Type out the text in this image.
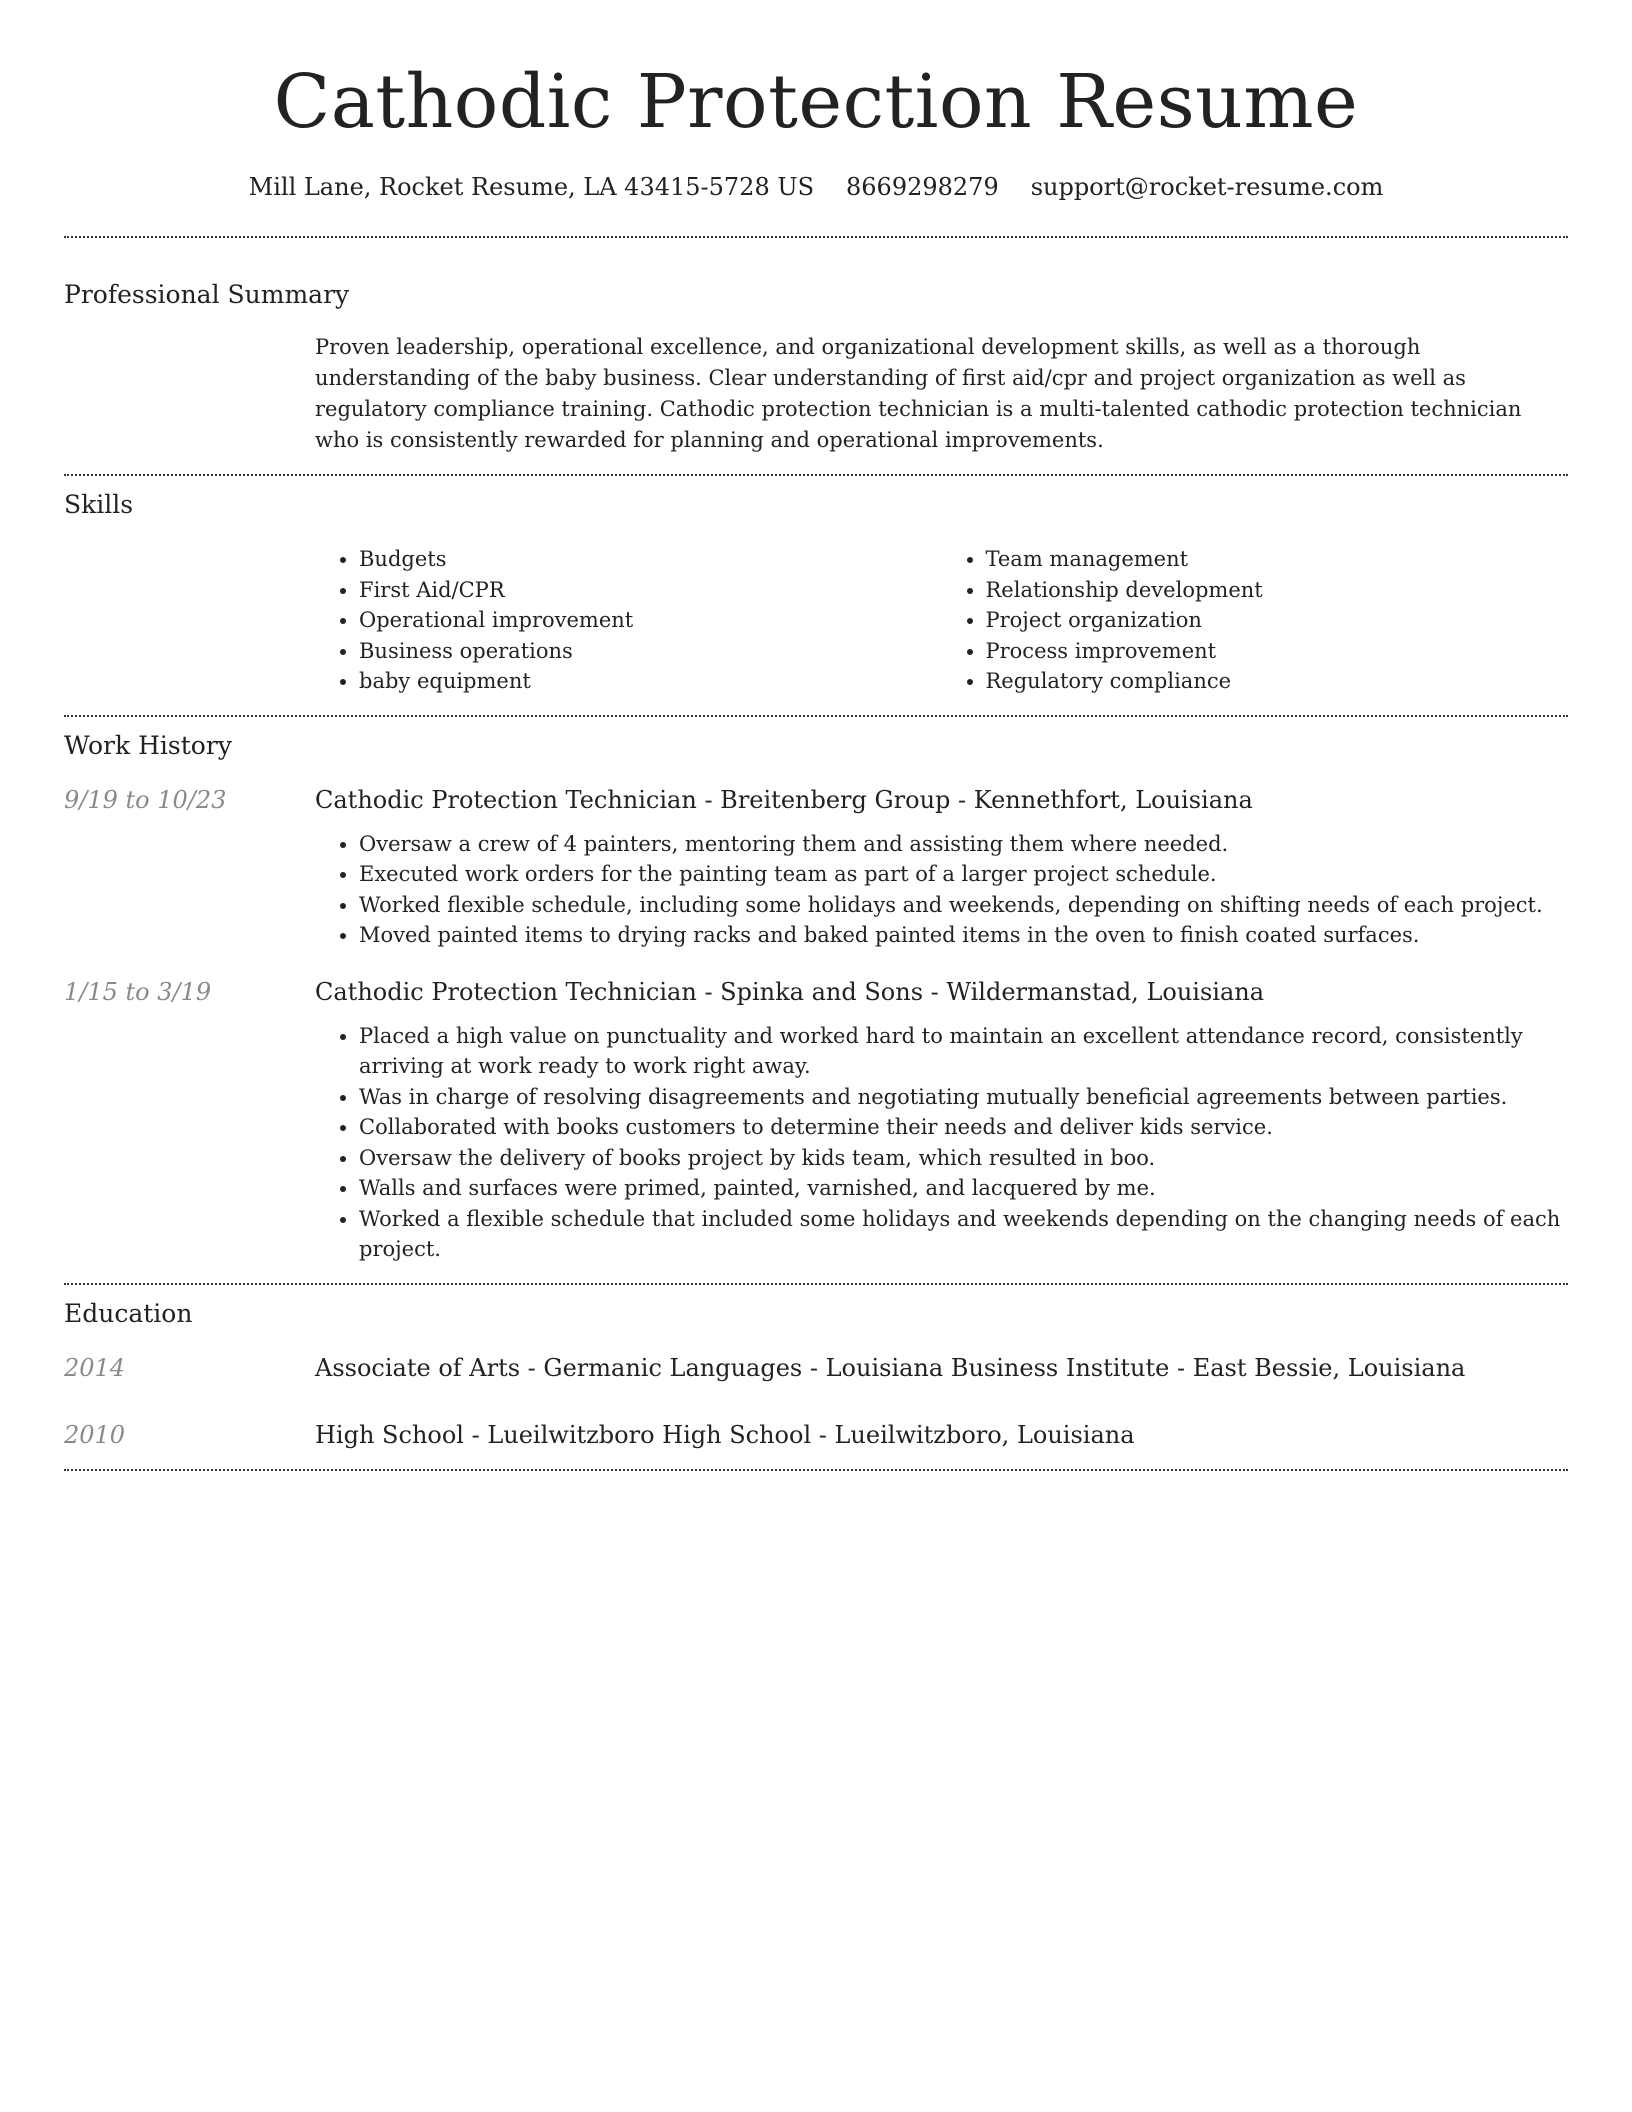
Cathodic Protection Resume
Mill Lane, Rocket Resume, LA 43415-5728 US 8669298279 support@rocket-resume.com
Professional Summary

Proven leadership, operational excellence, and organizational development skills, as well as a thorough understanding of the baby business. Clear understanding of first aid/cpr and project organization as well as regulatory compliance training. Cathodic protection technician is a multi-talented cathodic protection technician who is consistently rewarded for planning and operational improvements.

Skills
• Budgets
• First Aid/CPR
• Operational improvement
• Business operations
• baby equipment
• Team management
• Relationship development
• Project organization
• Process improvement
• Regulatory compliance
Work History
9/19 to 10/23	Cathodic Protection Technician - Breitenberg Group - Kennethfort, Louisiana
• Oversaw a crew of 4 painters, mentoring them and assisting them where needed.
• Executed work orders for the painting team as part of a larger project schedule.
• Worked flexible schedule, including some holidays and weekends, depending on shifting needs of each project.
• Moved painted items to drying racks and baked painted items in the oven to finish coated surfaces.
1/15 to 3/19	Cathodic Protection Technician - Spinka and Sons - Wildermanstad, Louisiana
• Placed a high value on punctuality and worked hard to maintain an excellent attendance record, consistently arriving at work ready to work right away.
• Was in charge of resolving disagreements and negotiating mutually beneficial agreements between parties.
• Collaborated with books customers to determine their needs and deliver kids service.
• Oversaw the delivery of books project by kids team, which resulted in boo.
• Walls and surfaces were primed, painted, varnished, and lacquered by me.
• Worked a flexible schedule that included some holidays and weekends depending on the changing needs of each project.
Education
2014	Associate of Arts - Germanic Languages - Louisiana Business Institute - East Bessie, Louisiana
2010	High School - Lueilwitzboro High School - Lueilwitzboro, Louisiana
